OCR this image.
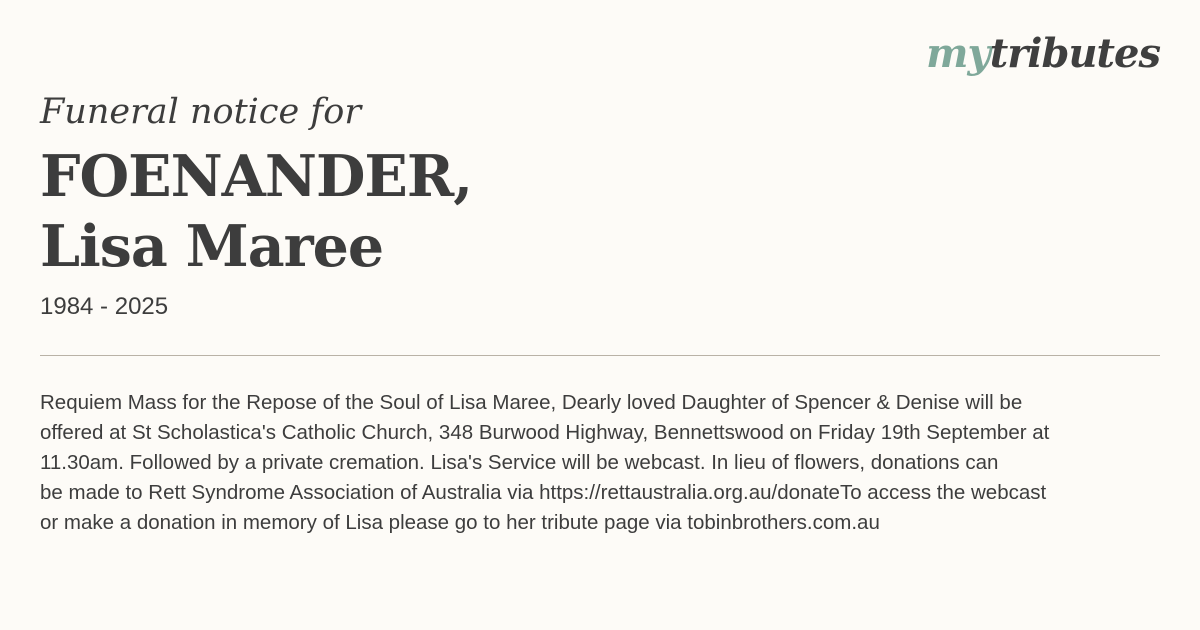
mytributes
Funeral notice for
FOENANDER,
Lisa Maree
1984 - 2025
Requiem Mass for the Repose of the Soul of Lisa Maree, Dearly loved Daughter of Spencer & Denise will be
offered at St Scholastica's Catholic Church, 348 Burwood Highway, Bennettswood on Friday 19th September at
11.30am. Followed by a private cremation. Lisa's Service will be webcast. In lieu of flowers, donations can
be made to Rett Syndrome Association of Australia via https://rettaustralia.org.au/donateTo access the webcast
or make a donation in memory of Lisa please go to her tribute page via tobinbrothers.com.au
